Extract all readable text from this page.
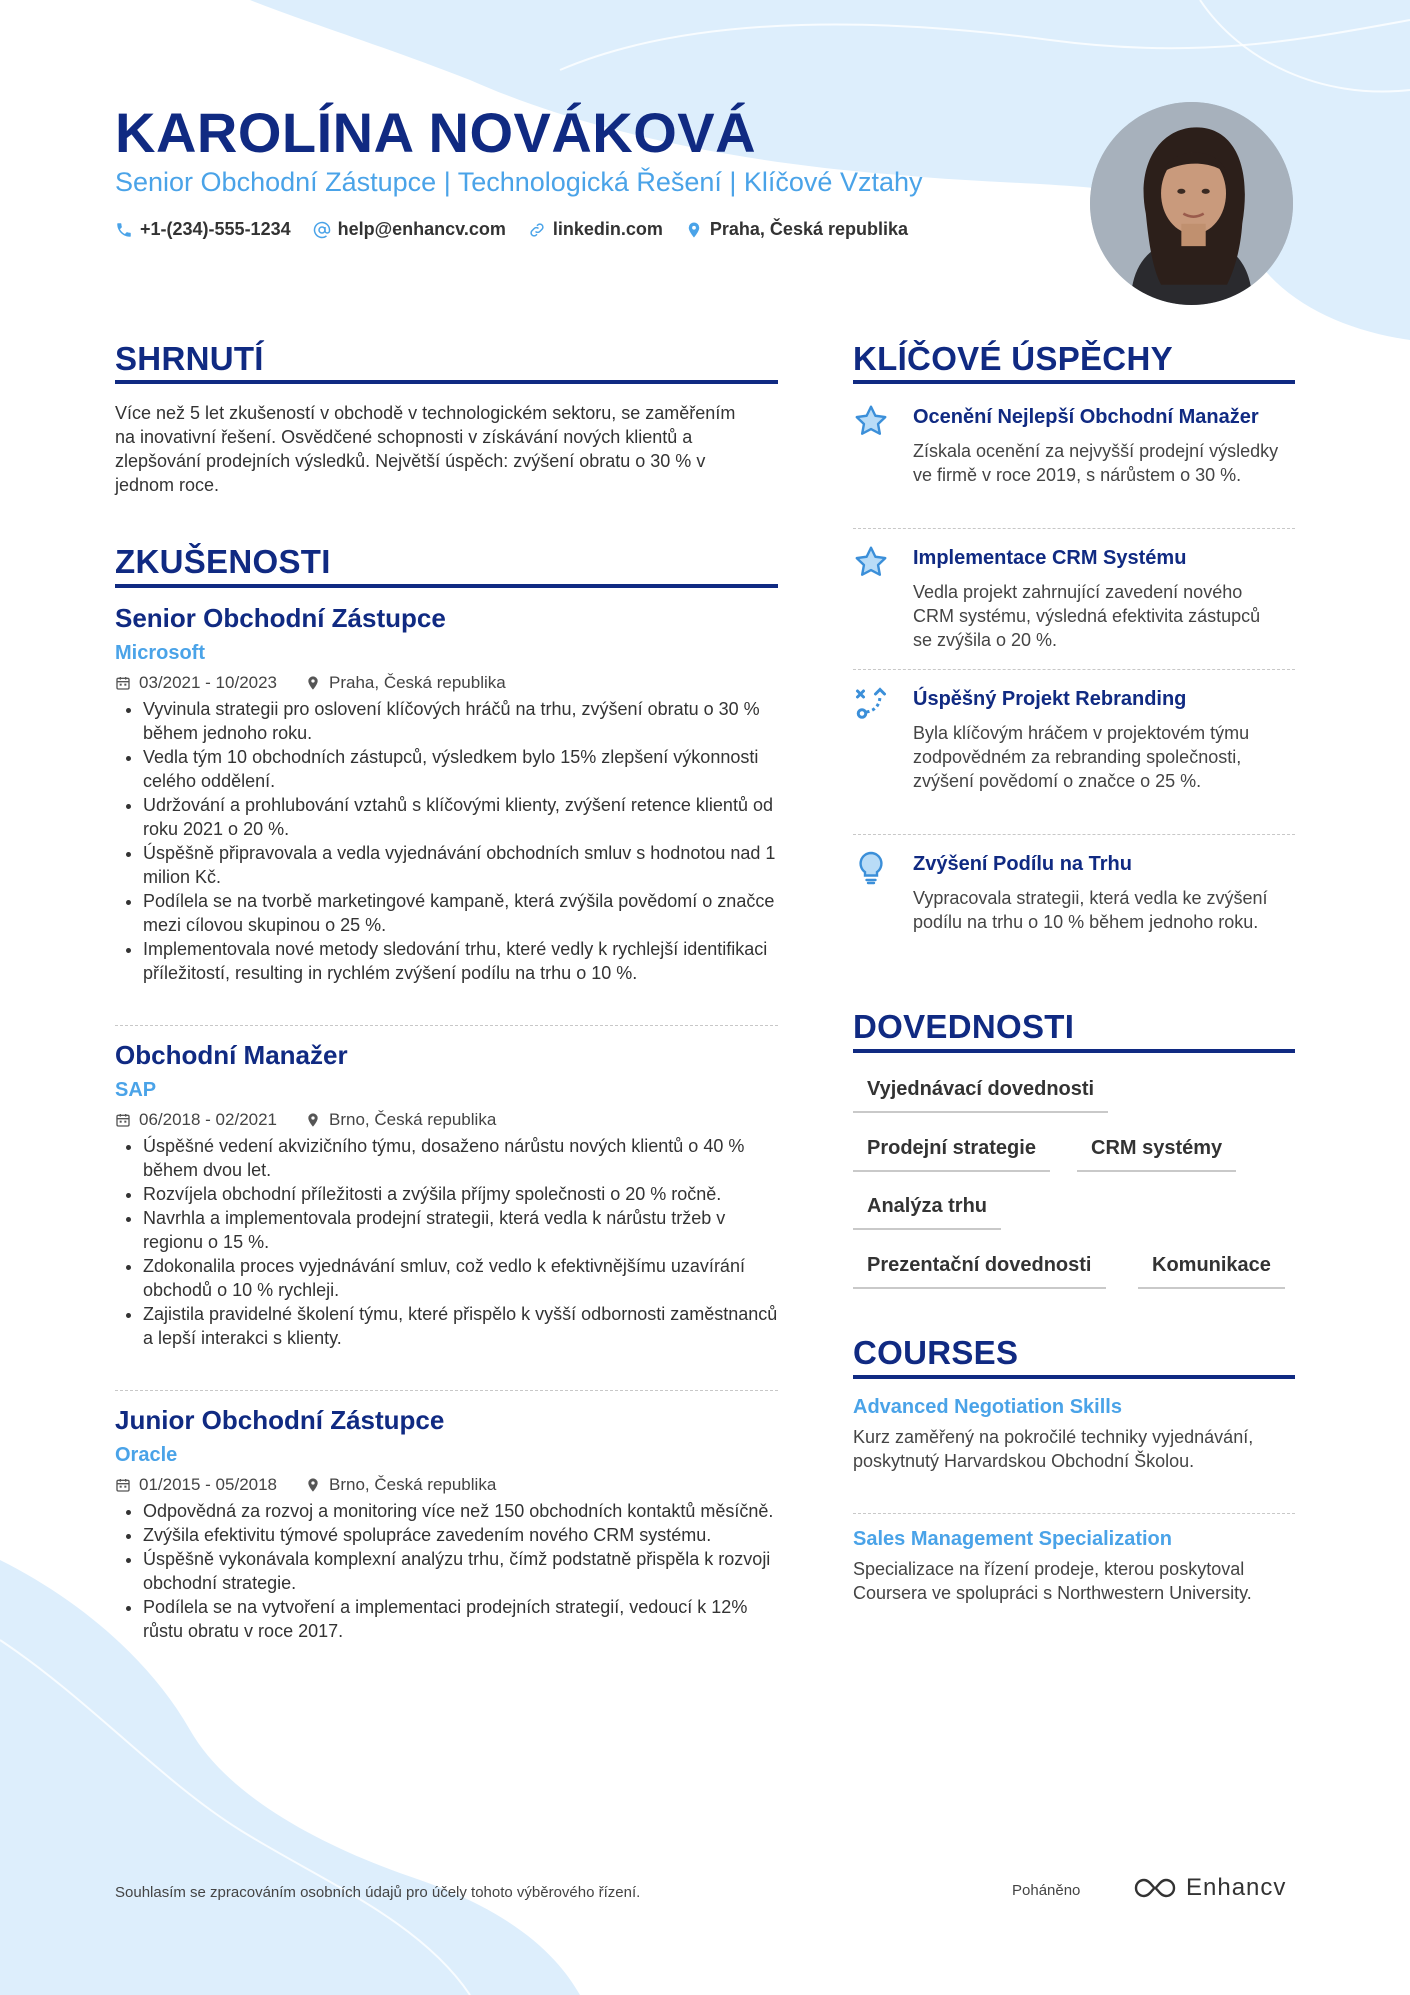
KAROLÍNA NOVÁKOVÁ

Senior Obchodní Zástupce | Technologická Řešení | Klíčové Vztahy

+1-(234)-555-1234	help@enhancv.com	linkedin.com	Praha, Česká republika
SHRNUTÍ
Více než 5 let zkušeností v obchodě v technologickém sektoru, se zaměřením na inovativní řešení. Osvědčené schopnosti v získávání nových klientů a zlepšování prodejních výsledků. Největší úspěch: zvýšení obratu o 30 % v jednom roce.
ZKUŠENOSTI
Senior Obchodní Zástupce
Microsoft
03/2021 - 10/2023	Praha, Česká republika
• Vyvinula strategii pro oslovení klíčových hráčů na trhu, zvýšení obratu o 30 % během jednoho roku.
• Vedla tým 10 obchodních zástupců, výsledkem bylo 15% zlepšení výkonnosti celého oddělení.
• Udržování a prohlubování vztahů s klíčovými klienty, zvýšení retence klientů od roku 2021 o 20 %.
• Úspěšně připravovala a vedla vyjednávání obchodních smluv s hodnotou nad 1 milion Kč.
• Podílela se na tvorbě marketingové kampaně, která zvýšila povědomí o značce mezi cílovou skupinou o 25 %.
• Implementovala nové metody sledování trhu, které vedly k rychlejší identifikaci příležitostí, resulting in rychlém zvýšení podílu na trhu o 10 %.
Obchodní Manažer
SAP
06/2018 - 02/2021	Brno, Česká republika
• Úspěšné vedení akvizičního týmu, dosaženo nárůstu nových klientů o 40 % během dvou let.
• Rozvíjela obchodní příležitosti a zvýšila příjmy společnosti o 20 % ročně.
• Navrhla a implementovala prodejní strategii, která vedla k nárůstu tržeb v regionu o 15 %.
• Zdokonalila proces vyjednávání smluv, což vedlo k efektivnějšímu uzavírání obchodů o 10 % rychleji.
• Zajistila pravidelné školení týmu, které přispělo k vyšší odbornosti zaměstnanců a lepší interakci s klienty.
Junior Obchodní Zástupce
Oracle
01/2015 - 05/2018	Brno, Česká republika
• Odpovědná za rozvoj a monitoring více než 150 obchodních kontaktů měsíčně.
• Zvýšila efektivitu týmové spolupráce zavedením nového CRM systému.
• Úspěšně vykonávala komplexní analýzu trhu, čímž podstatně přispěla k rozvoji obchodní strategie.
• Podílela se na vytvoření a implementaci prodejních strategií, vedoucí k 12% růstu obratu v roce 2017.
KLÍČOVÉ ÚSPĚCHY
Ocenění Nejlepší Obchodní Manažer
Získala ocenění za nejvyšší prodejní výsledky ve firmě v roce 2019, s nárůstem o 30 %.
Implementace CRM Systému
Vedla projekt zahrnující zavedení nového CRM systému, výsledná efektivita zástupců se zvýšila o 20 %.
Úspěšný Projekt Rebranding
Byla klíčovým hráčem v projektovém týmu zodpovědném za rebranding společnosti, zvýšení povědomí o značce o 25 %.
Zvýšení Podílu na Trhu
Vypracovala strategii, která vedla ke zvýšení podílu na trhu o 10 % během jednoho roku.
DOVEDNOSTI
Vyjednávací dovednosti
Prodejní strategie	CRM systémy
Analýza trhu
Prezentační dovednosti	Komunikace
COURSES
Advanced Negotiation Skills
Kurz zaměřený na pokročilé techniky vyjednávání, poskytnutý Harvardskou Obchodní Školou.
Sales Management Specialization
Specializace na řízení prodeje, kterou poskytoval Coursera ve spolupráci s Northwestern University.
Souhlasím se zpracováním osobních údajů pro účely tohoto výběrového řízení.	Poháněno	Enhancv
